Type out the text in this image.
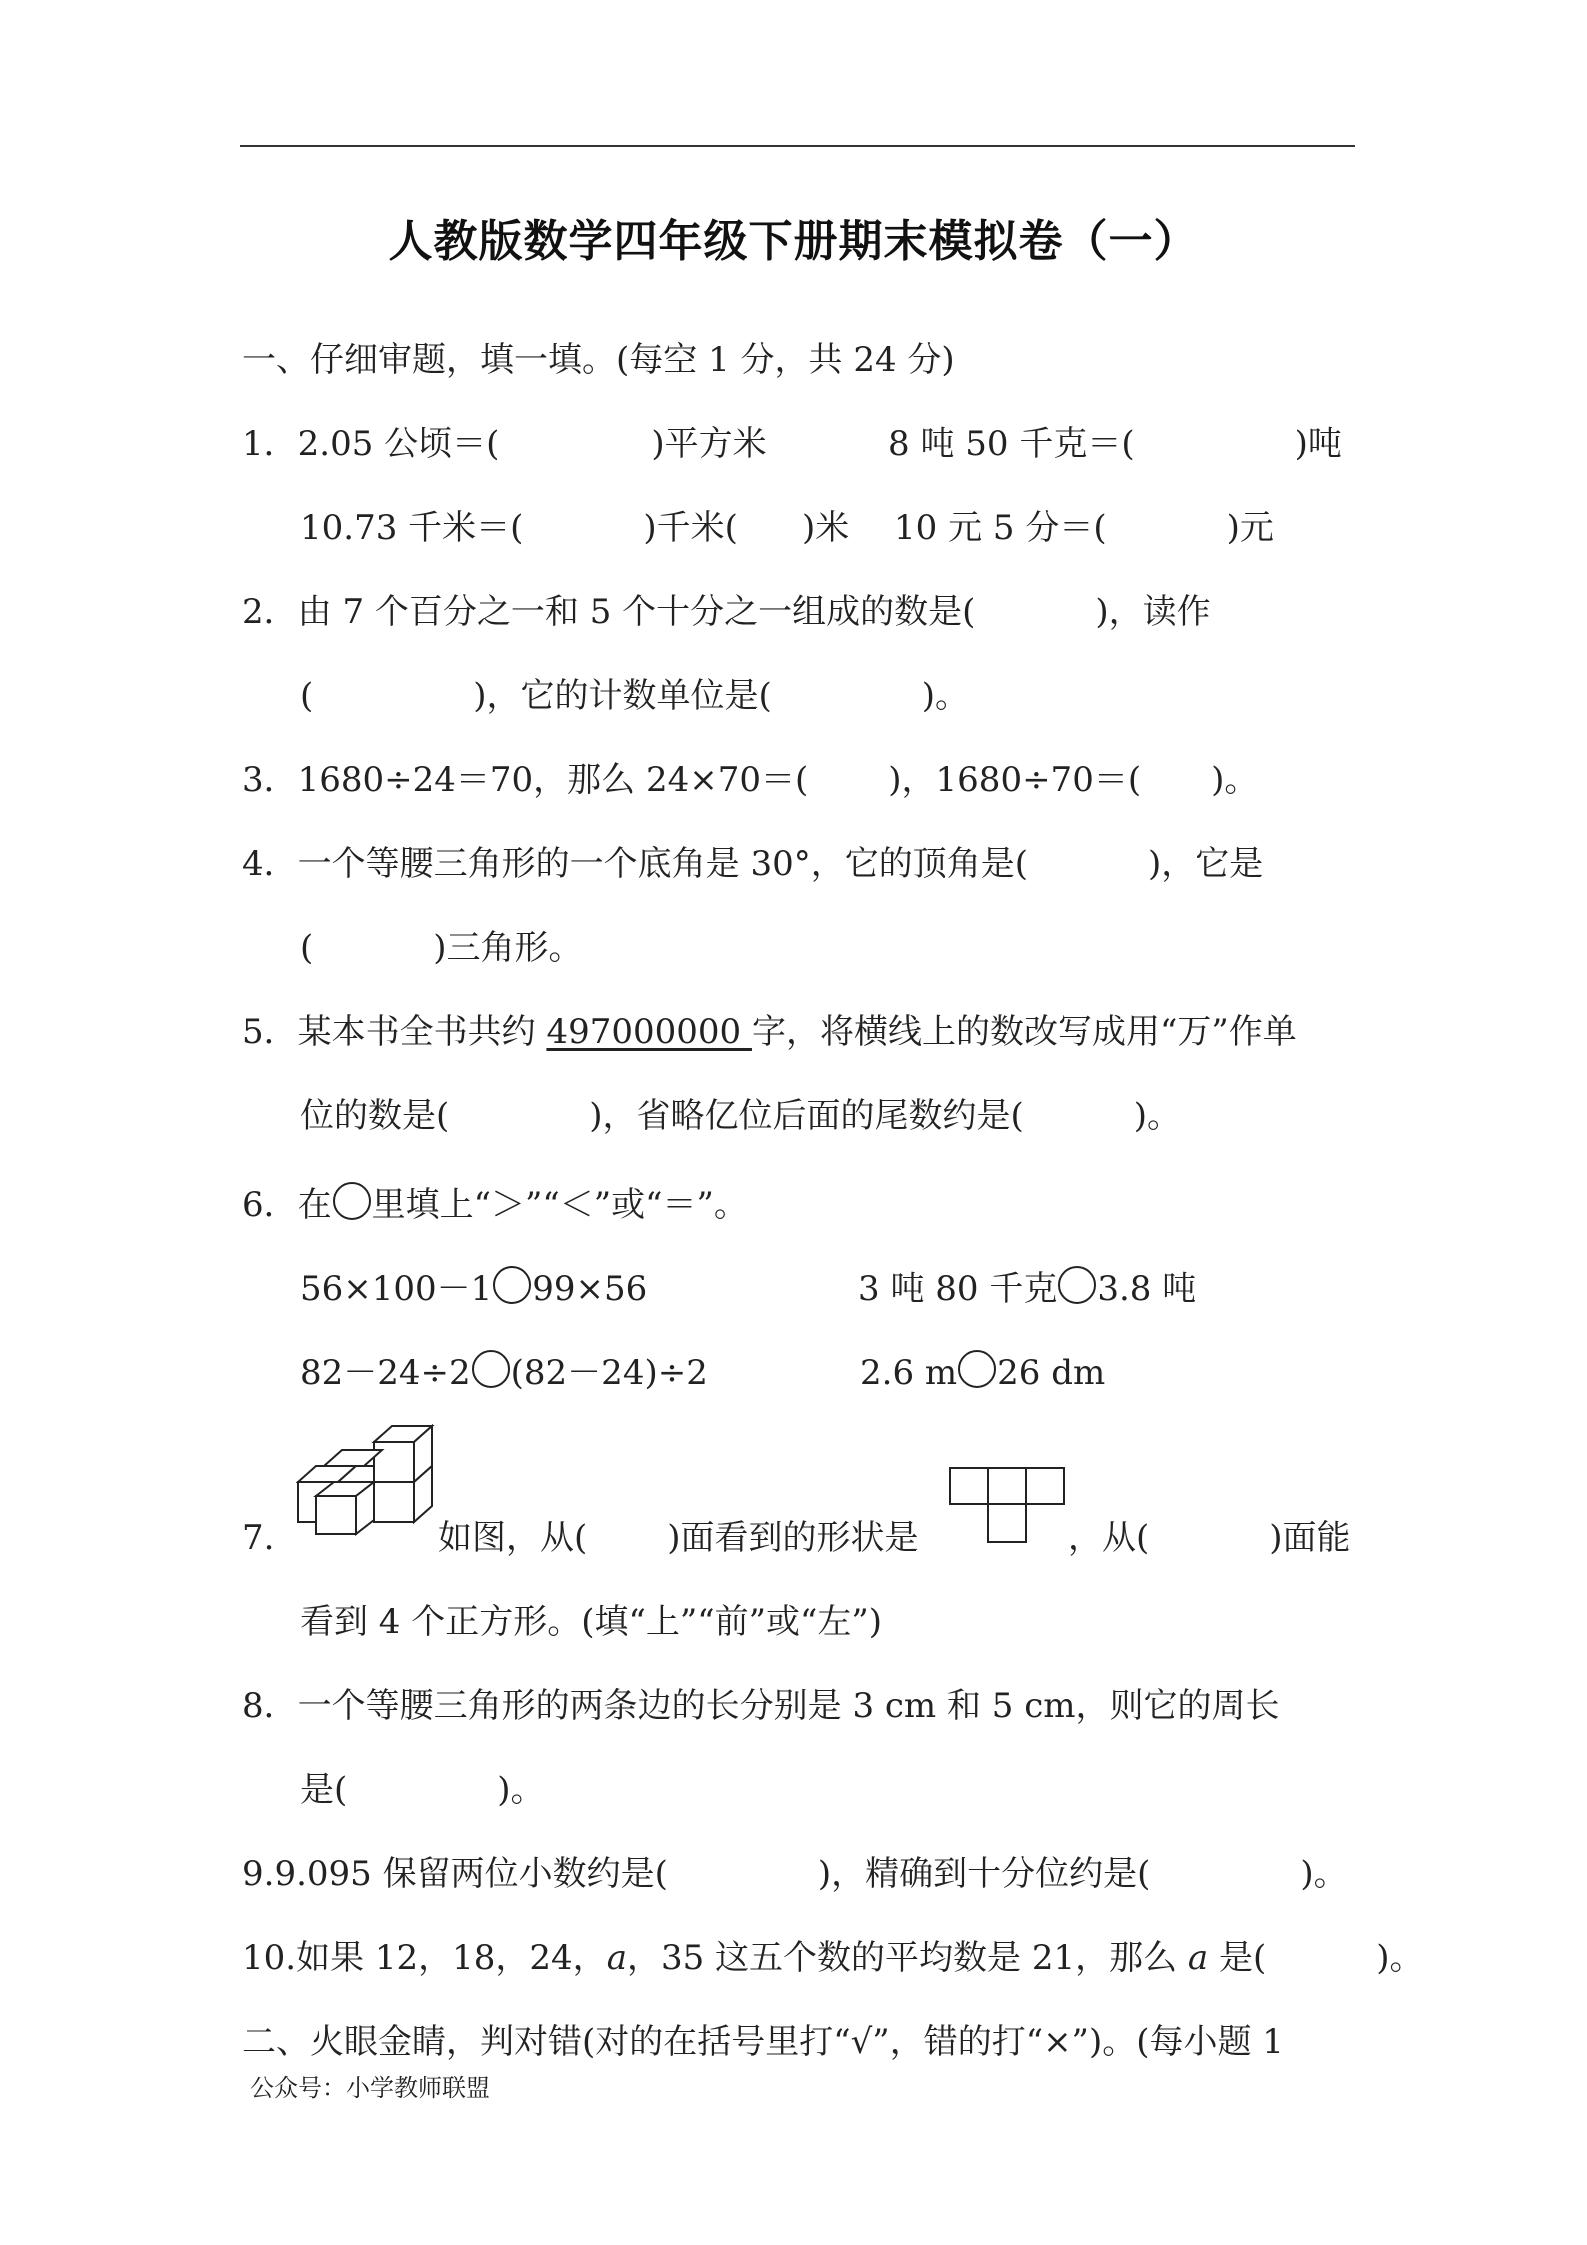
人教版数学四年级下册期末模拟卷（一）
一、仔细审题，填一填。(每空 1 分，共 24 分)
1．2.05 公顷＝(	)平方米	8 吨 50 千克＝(	)吨
10.73 千米＝(	)千米( )米 10 元 5 分＝(	)元
2．由 7 个百分之一和 5 个十分之一组成的数是(	)，读作
(	)，它的计数单位是(	)。
3．1680÷24＝70，那么 24×70＝( )，1680÷70＝( )。
4．一个等腰三角形的一个底角是 30°，它的顶角是(	)，它是
(	)三角形。
5．某本书全书共约 497000000 字，将横线上的数改写成用“万”作单
位的数是(	)，省略亿位后面的尾数约是(	)。
6．在 里填上“＞”“＜”或“＝”。
56×100－1 99×56	3 吨 80 千克 3.8 吨
82－24÷2 (82－24)÷2	2.6 m 26 dm
7.	如图，从( )面看到的形状是	，从(	)面能
看到 4 个正方形。(填“上”“前”或“左”)
8．一个等腰三角形的两条边的长分别是 3 cm 和 5 cm，则它的周长
是(	)。
9.9.095 保留两位小数约是(	)，精确到十分位约是(	)。
10.如果 12，18，24，a，35 这五个数的平均数是 21，那么 a 是(	)。
二、火眼金睛，判对错(对的在括号里打“√”，错的打“×”)。(每小题 1
公众号：小学教师联盟
